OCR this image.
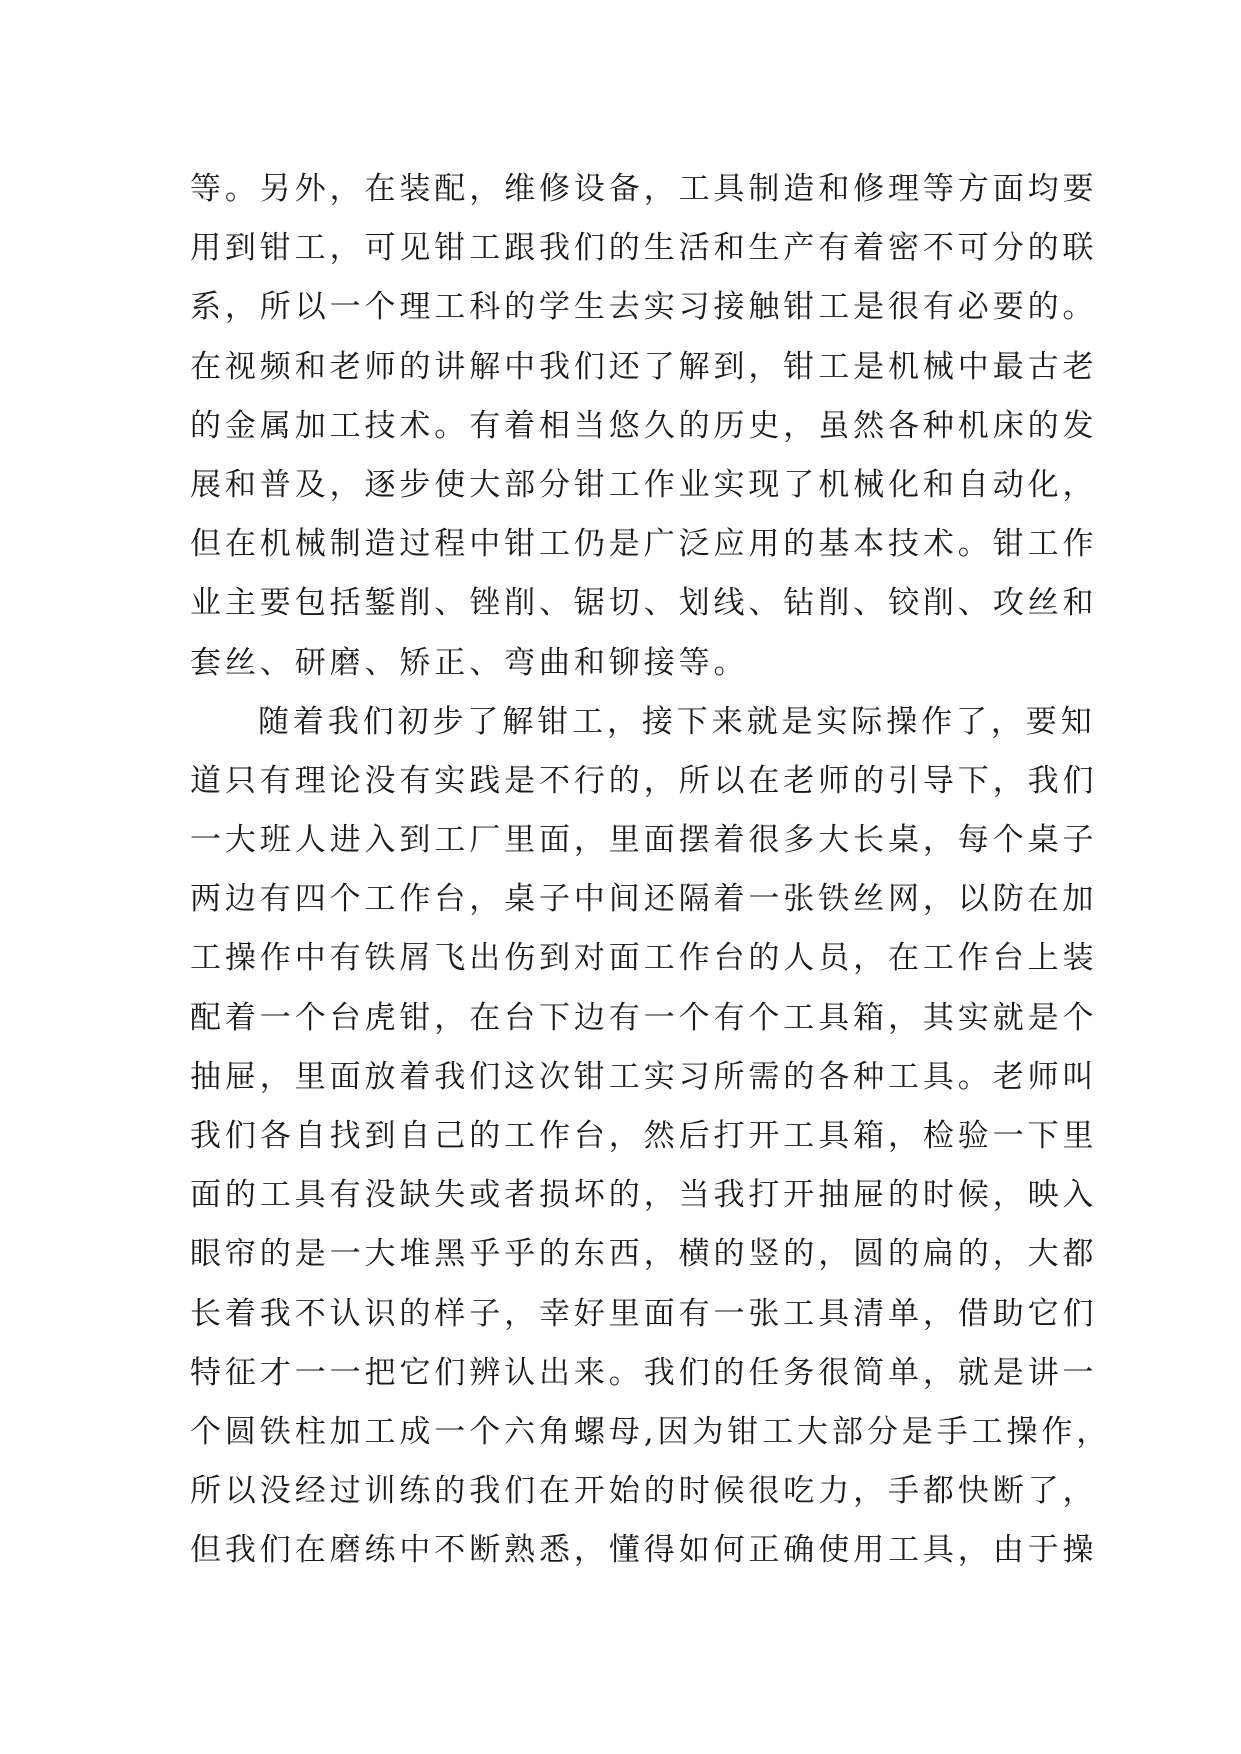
等。另外，在装配，维修设备，工具制造和修理等方面均要
用到钳工，可见钳工跟我们的生活和生产有着密不可分的联
系，所以一个理工科的学生去实习接触钳工是很有必要的。
在视频和老师的讲解中我们还了解到，钳工是机械中最古老
的金属加工技术。有着相当悠久的历史，虽然各种机床的发
展和普及，逐步使大部分钳工作业实现了机械化和自动化，
但在机械制造过程中钳工仍是广泛应用的基本技术。钳工作
业主要包括錾削、锉削、锯切、划线、钻削、铰削、攻丝和
套丝、研磨、矫正、弯曲和铆接等。
随着我们初步了解钳工，接下来就是实际操作了，要知
道只有理论没有实践是不行的，所以在老师的引导下，我们
一大班人进入到工厂里面，里面摆着很多大长桌，每个桌子
两边有四个工作台，桌子中间还隔着一张铁丝网，以防在加
工操作中有铁屑飞出伤到对面工作台的人员，在工作台上装
配着一个台虎钳，在台下边有一个有个工具箱，其实就是个
抽屉，里面放着我们这次钳工实习所需的各种工具。老师叫
我们各自找到自己的工作台，然后打开工具箱，检验一下里
面的工具有没缺失或者损坏的，当我打开抽屉的时候，映入
眼帘的是一大堆黑乎乎的东西，横的竖的，圆的扁的，大都
长着我不认识的样子，幸好里面有一张工具清单，借助它们
特征才一一把它们辨认出来。我们的任务很简单，就是讲一
个圆铁柱加工成一个六角螺母,因为钳工大部分是手工操作，
所以没经过训练的我们在开始的时候很吃力，手都快断了，
但我们在磨练中不断熟悉，懂得如何正确使用工具，由于操
